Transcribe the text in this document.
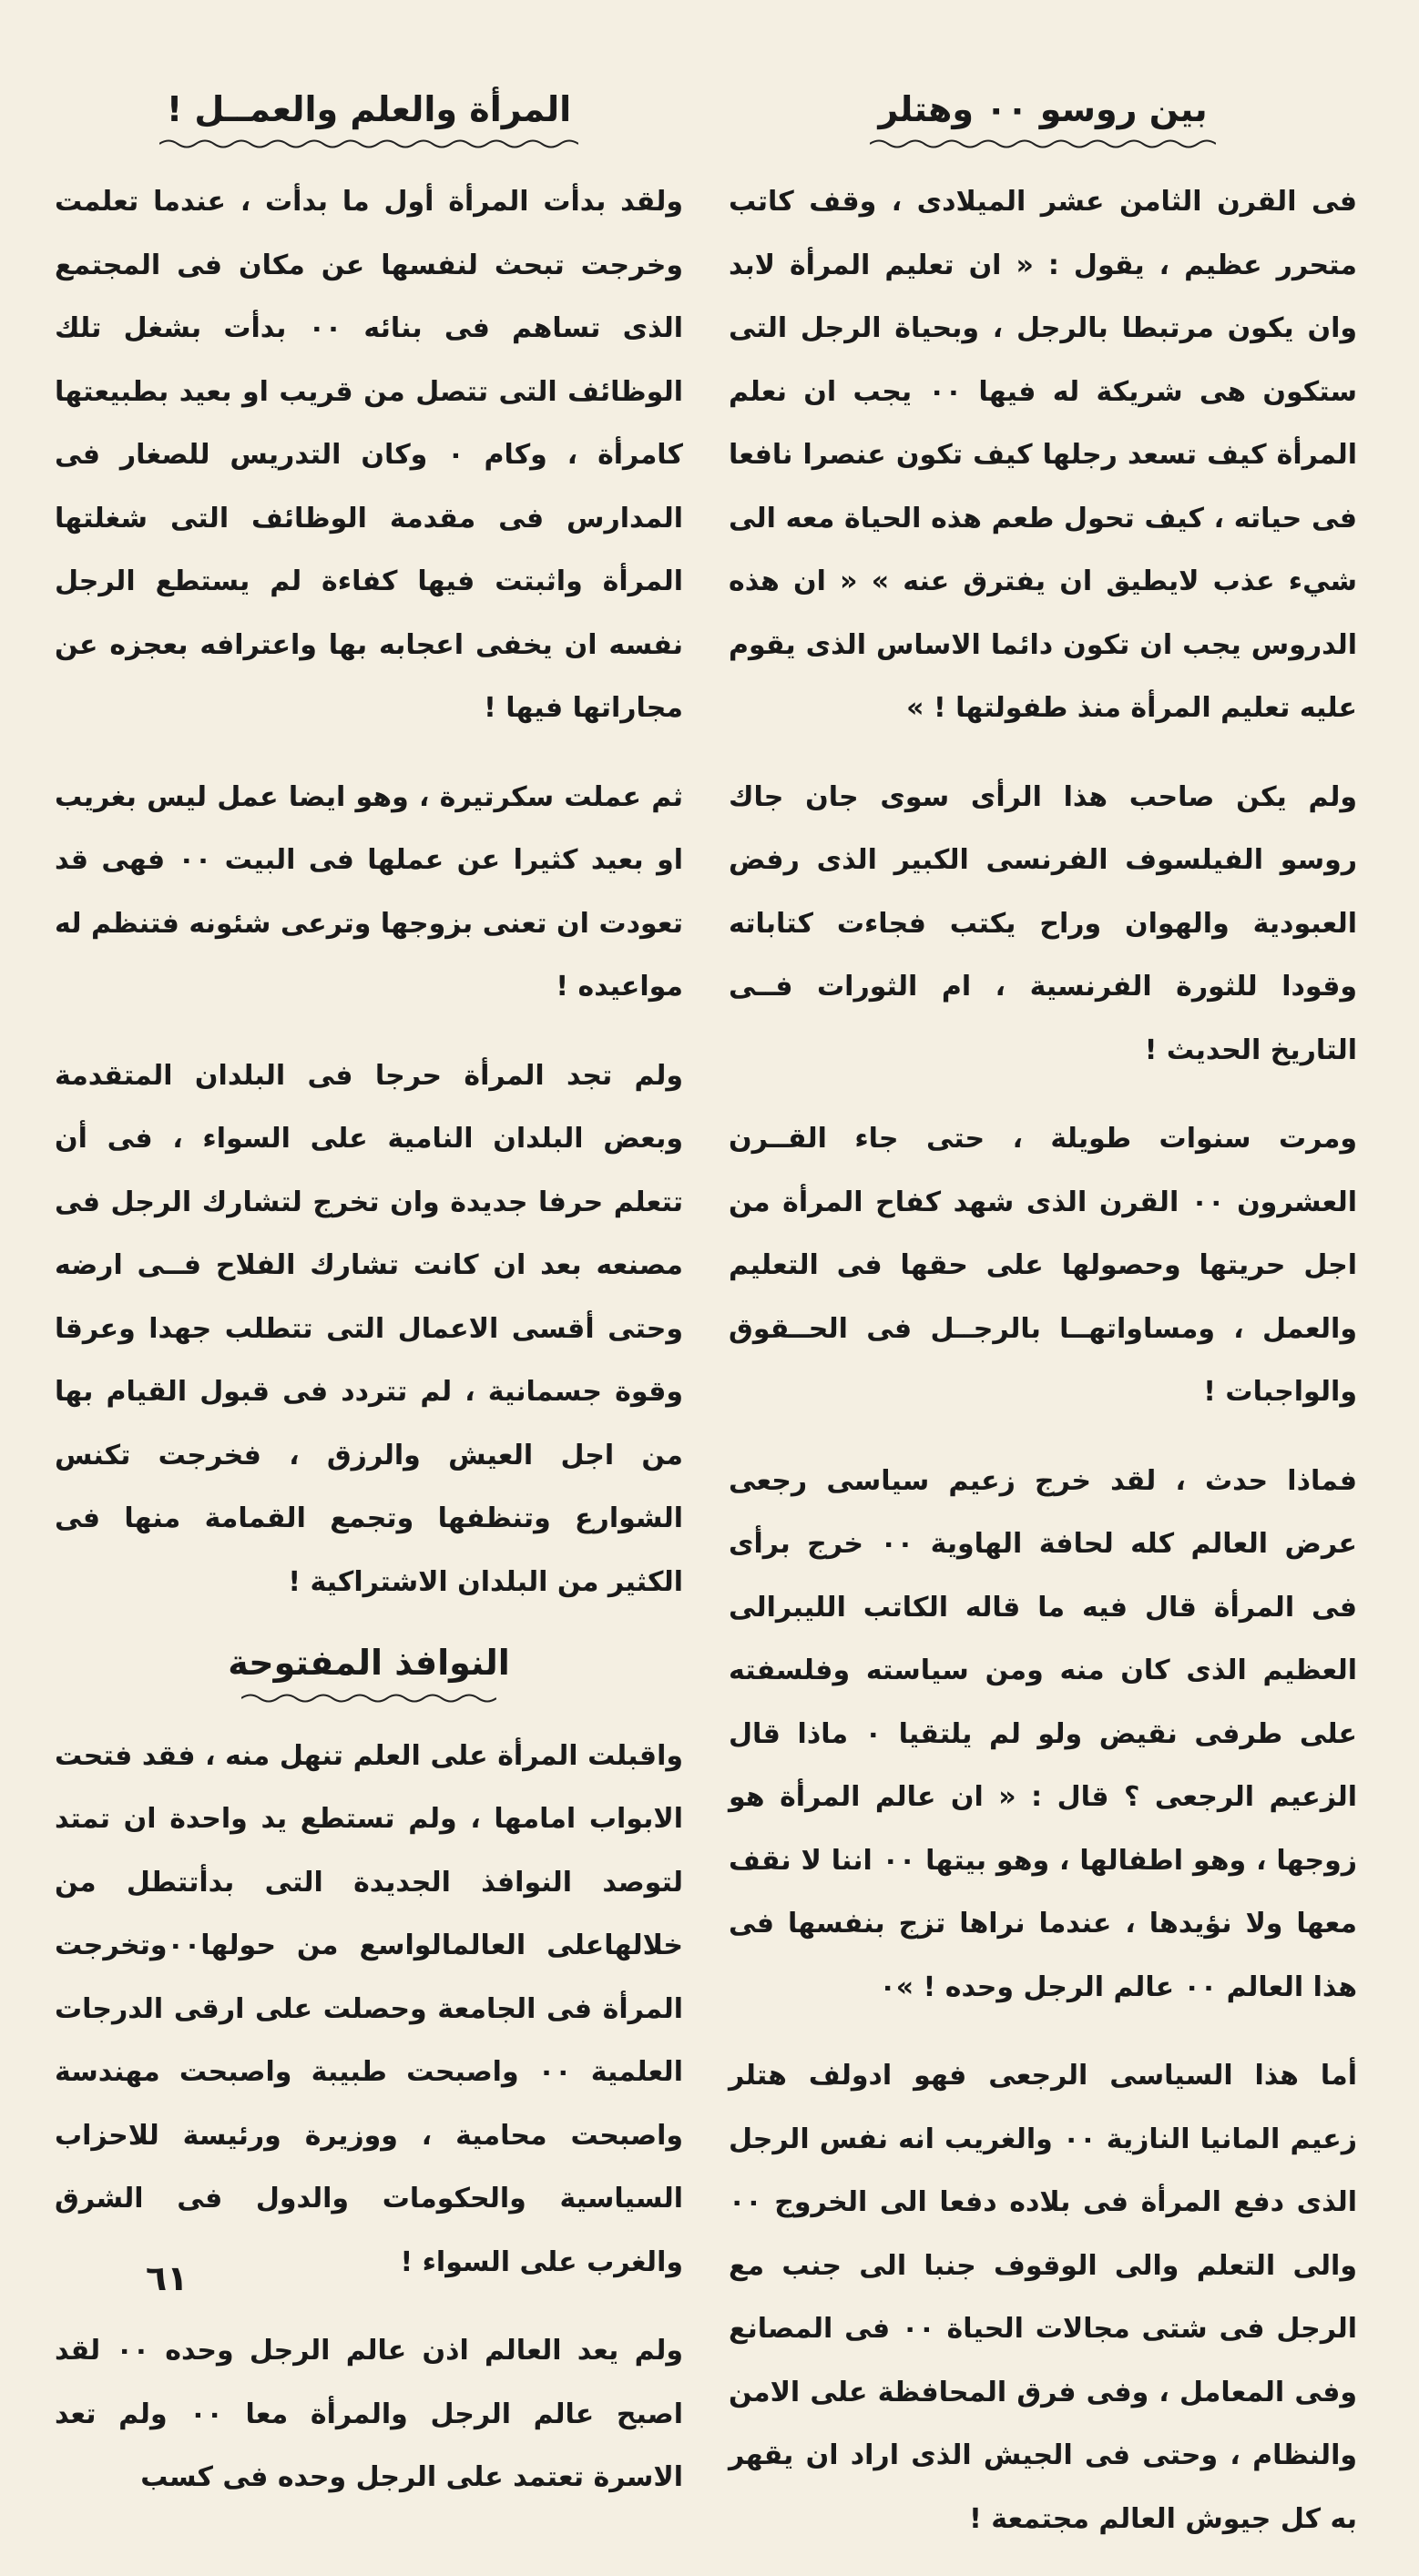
بين روسو ٠٠ وهتلر

فى القرن الثامن عشر الميلادى ، وقف كاتب متحرر عظيم ، يقول : « ان تعليم المرأة لابد وان يكون مرتبطا بالرجل ، وبحياة الرجل التى ستكون هى شريكة له فيها ٠٠ يجب ان نعلم المرأة كيف تسعد رجلها كيف تكون عنصرا نافعا فى حياته ، كيف تحول طعم هذه الحياة معه الى شيء عذب لايطيق ان يفترق عنه » « ان هذه الدروس يجب ان تكون دائما الاساس الذى يقوم عليه تعليم المرأة منذ طفولتها ! »

ولم يكن صاحب هذا الرأى سوى جان جاك روسو الفيلسوف الفرنسى الكبير الذى رفض العبودية والهوان وراح يكتب فجاءت كتاباته وقودا للثورة الفرنسية ، ام الثورات فــى التاريخ الحديث !

ومرت سنوات طويلة ، حتى جاء القــرن العشرون ٠٠ القرن الذى شهد كفاح المرأة من اجل حريتها وحصولها على حقها فى التعليم والعمل ، ومساواتهــا بالرجــل فى الحــقوق والواجبات !

فماذا حدث ، لقد خرج زعيم سياسى رجعى عرض العالم كله لحافة الهاوية ٠٠ خرج برأى فى المرأة قال فيه ما قاله الكاتب الليبرالى العظيم الذى كان منه ومن سياسته وفلسفته على طرفى نقيض ولو لم يلتقيا ٠ ماذا قال الزعيم الرجعى ؟ قال : « ان عالم المرأة هو زوجها ، وهو اطفالها ، وهو بيتها ٠٠ اننا لا نقف معها ولا نؤيدها ، عندما نراها تزج بنفسها فى هذا العالم ٠٠ عالم الرجل وحده ! »٠

أما هذا السياسى الرجعى فهو ادولف هتلر زعيم المانيا النازية ٠٠ والغريب انه نفس الرجل الذى دفع المرأة فى بلاده دفعا الى الخروج ٠٠ والى التعلم والى الوقوف جنبا الى جنب مع الرجل فى شتى مجالات الحياة ٠٠ فى المصانع وفى المعامل ، وفى فرق المحافظة على الامن والنظام ، وحتى فى الجيش الذى اراد ان يقهر به كل جيوش العالم مجتمعة !

المرأة والعلم والعمــل !

ولقد بدأت المرأة أول ما بدأت ، عندما تعلمت وخرجت تبحث لنفسها عن مكان فى المجتمع الذى تساهم فى بنائه ٠٠ بدأت بشغل تلك الوظائف التى تتصل من قريب او بعيد بطبيعتها كامرأة ، وكام ٠ وكان التدريس للصغار فى المدارس فى مقدمة الوظائف التى شغلتها المرأة واثبتت فيها كفاءة لم يستطع الرجل نفسه ان يخفى اعجابه بها واعترافه بعجزه عن مجاراتها فيها !

ثم عملت سكرتيرة ، وهو ايضا عمل ليس بغريب او بعيد كثيرا عن عملها فى البيت ٠٠ فهى قد تعودت ان تعنى بزوجها وترعى شئونه فتنظم له مواعيده !

ولم تجد المرأة حرجا فى البلدان المتقدمة وبعض البلدان النامية على السواء ، فى أن تتعلم حرفا جديدة وان تخرج لتشارك الرجل فى مصنعه بعد ان كانت تشارك الفلاح فــى ارضه وحتى أقسى الاعمال التى تتطلب جهدا وعرقا وقوة جسمانية ، لم تتردد فى قبول القيام بها من اجل العيش والرزق ، فخرجت تكنس الشوارع وتنظفها وتجمع القمامة منها فى الكثير من البلدان الاشتراكية !

النوافذ المفتوحة

واقبلت المرأة على العلم تنهل منه ، فقد فتحت الابواب امامها ، ولم تستطع يد واحدة ان تمتد لتوصد النوافذ الجديدة التى بدأتتطل من خلالهاعلى العالمالواسع من حولها٠٠وتخرجت المرأة فى الجامعة وحصلت على ارقى الدرجات العلمية ٠٠ واصبحت طبيبة واصبحت مهندسة واصبحت محامية ، ووزيرة ورئيسة للاحزاب السياسية والحكومات والدول فى الشرق والغرب على السواء !

ولم يعد العالم اذن عالم الرجل وحده ٠٠ لقد اصبح عالم الرجل والمرأة معا ٠٠ ولم تعد الاسرة تعتمد على الرجل وحده فى كسب

٦١
